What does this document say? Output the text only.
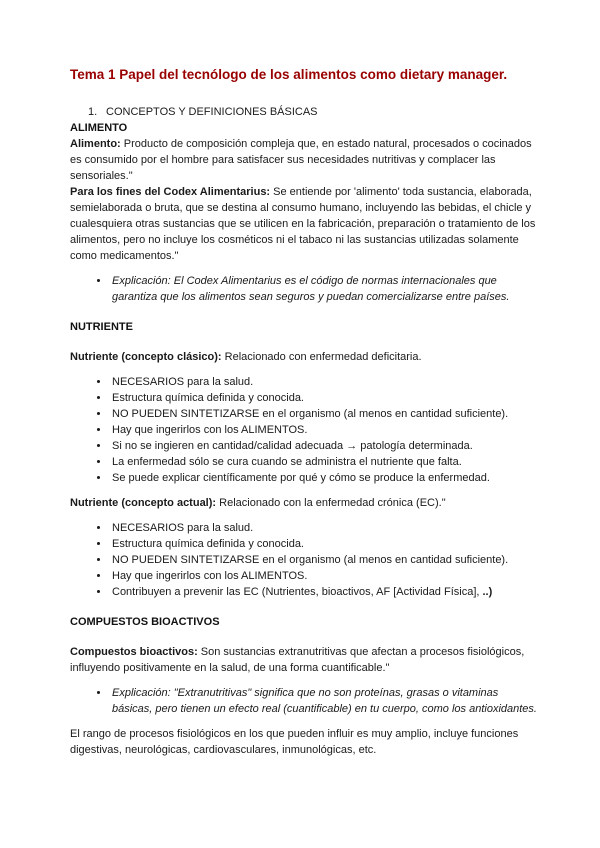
Tema 1 Papel del tecnólogo de los alimentos como dietary manager.

1. CONCEPTOS Y DEFINICIONES BÁSICAS

ALIMENTO

Alimento: Producto de composición compleja que, en estado natural, procesados o cocinados es consumido por el hombre para satisfacer sus necesidades nutritivas y complacer las sensoriales."

Para los fines del Codex Alimentarius: Se entiende por 'alimento' toda sustancia, elaborada, semielaborada o bruta, que se destina al consumo humano, incluyendo las bebidas, el chicle y cualesquiera otras sustancias que se utilicen en la fabricación, preparación o tratamiento de los alimentos, pero no incluye los cosméticos ni el tabaco ni las sustancias utilizadas solamente como medicamentos."

• Explicación: El Codex Alimentarius es el código de normas internacionales que garantiza que los alimentos sean seguros y puedan comercializarse entre países.
NUTRIENTE

Nutriente (concepto clásico): Relacionado con enfermedad deficitaria.

• NECESARIOS para la salud.
• Estructura química definida y conocida.
• NO PUEDEN SINTETIZARSE en el organismo (al menos en cantidad suficiente).
• Hay que ingerirlos con los ALIMENTOS.
• Si no se ingieren en cantidad/calidad adecuada → patología determinada.
• La enfermedad sólo se cura cuando se administra el nutriente que falta.
• Se puede explicar científicamente por qué y cómo se produce la enfermedad.

Nutriente (concepto actual): Relacionado con la enfermedad crónica (EC)."

• NECESARIOS para la salud.
• Estructura química definida y conocida.
• NO PUEDEN SINTETIZARSE en el organismo (al menos en cantidad suficiente).
• Hay que ingerirlos con los ALIMENTOS.
• Contribuyen a prevenir las EC (Nutrientes, bioactivos, AF [Actividad Física], ..)
COMPUESTOS BIOACTIVOS

Compuestos bioactivos: Son sustancias extranutritivas que afectan a procesos fisiológicos, influyendo positivamente en la salud, de una forma cuantificable."

• Explicación: "Extranutritivas" significa que no son proteínas, grasas o vitaminas básicas, pero tienen un efecto real (cuantificable) en tu cuerpo, como los antioxidantes.

El rango de procesos fisiológicos en los que pueden influir es muy amplio, incluye funciones digestivas, neurológicas, cardiovasculares, inmunológicas, etc.
